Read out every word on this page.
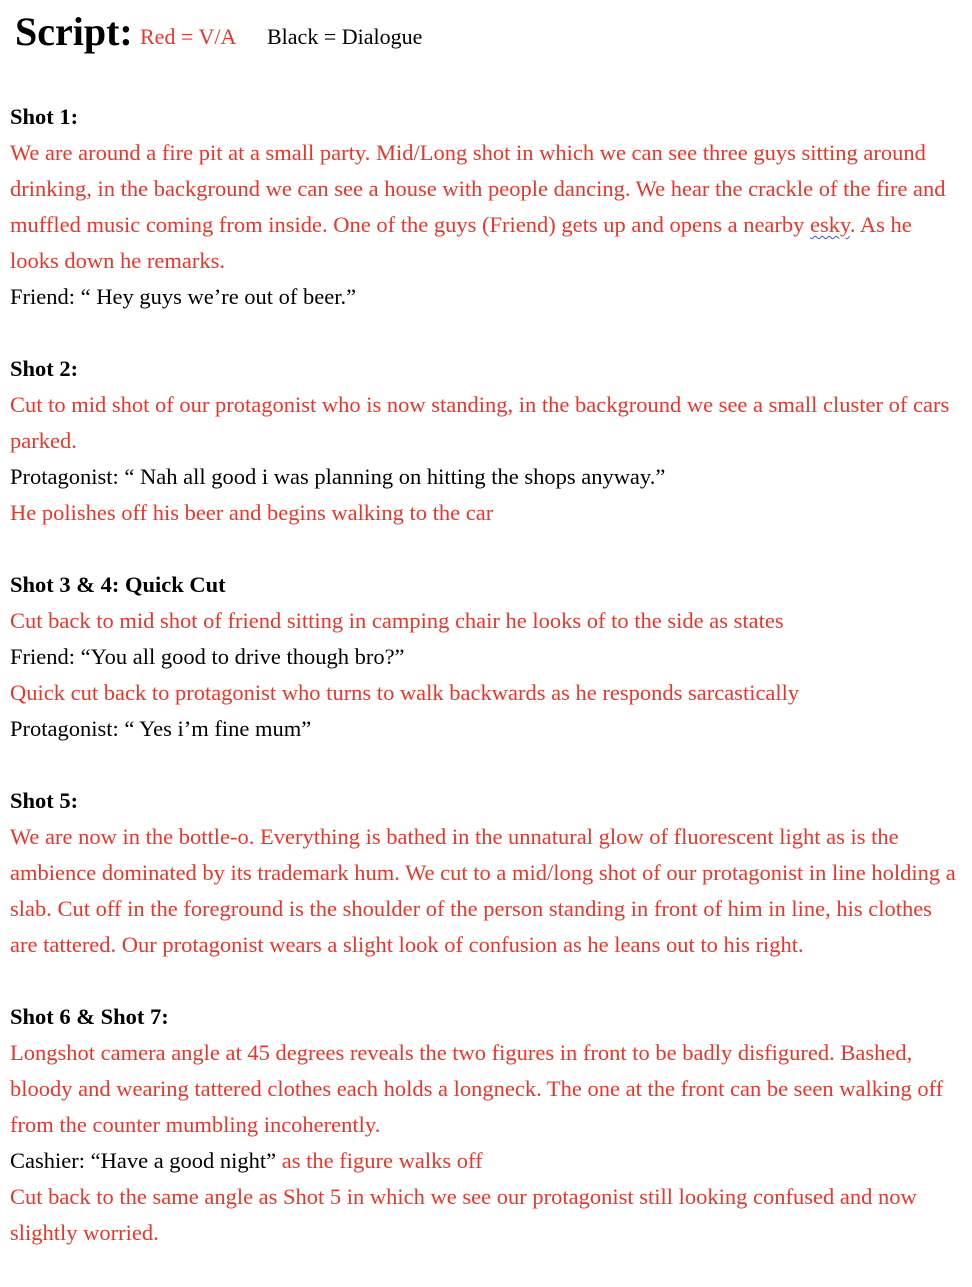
Script: Red = V/A Black = Dialogue
Shot 1:
We are around a fire pit at a small party. Mid/Long shot in which we can see three guys sitting around drinking, in the background we can see a house with people dancing. We hear the crackle of the fire and muffled music coming from inside. One of the guys (Friend) gets up and opens a nearby esky. As he looks down he remarks.
Friend: “ Hey guys we’re out of beer.”
Shot 2:
Cut to mid shot of our protagonist who is now standing, in the background we see a small cluster of cars parked.
Protagonist: “ Nah all good i was planning on hitting the shops anyway.”
He polishes off his beer and begins walking to the car
Shot 3 & 4: Quick Cut
Cut back to mid shot of friend sitting in camping chair he looks of to the side as states
Friend: “You all good to drive though bro?”
Quick cut back to protagonist who turns to walk backwards as he responds sarcastically
Protagonist: “ Yes i’m fine mum”
Shot 5:
We are now in the bottle-o. Everything is bathed in the unnatural glow of fluorescent light as is the ambience dominated by its trademark hum. We cut to a mid/long shot of our protagonist in line holding a slab. Cut off in the foreground is the shoulder of the person standing in front of him in line, his clothes are tattered. Our protagonist wears a slight look of confusion as he leans out to his right.
Shot 6 & Shot 7:
Longshot camera angle at 45 degrees reveals the two figures in front to be badly disfigured. Bashed, bloody and wearing tattered clothes each holds a longneck. The one at the front can be seen walking off from the counter mumbling incoherently.
Cashier: “Have a good night” as the figure walks off
Cut back to the same angle as Shot 5 in which we see our protagonist still looking confused and now slightly worried.
